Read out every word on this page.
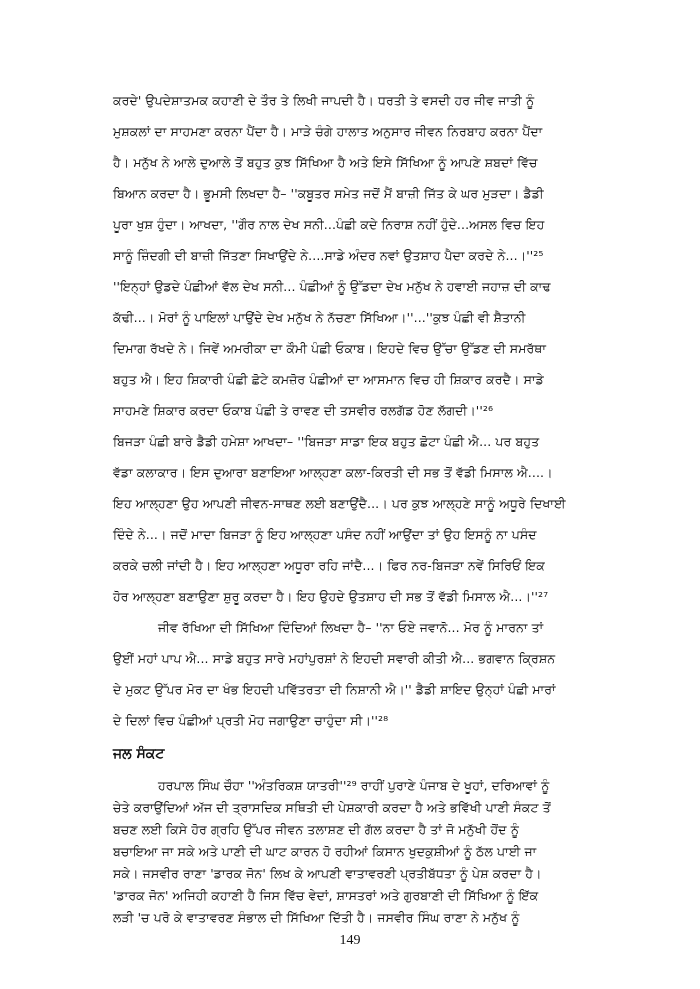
ਕਰਦੇ' ਉਪਦੇਸ਼ਾਤਮਕ ਕਹਾਣੀ ਦੇ ਤੌਰ ਤੇ ਲਿਖੀ ਜਾਪਦੀ ਹੈ। ਧਰਤੀ ਤੇ ਵਸਦੀ ਹਰ ਜੀਵ ਜਾਤੀ ਨੂੰ
ਮੁਸ਼ਕਲਾਂ ਦਾ ਸਾਹਮਣਾ ਕਰਨਾ ਪੈਂਦਾ ਹੈ। ਮਾੜੇ ਚੰਗੇ ਹਾਲਾਤ ਅਨੁਸਾਰ ਜੀਵਨ ਨਿਰਬਾਹ ਕਰਨਾ ਪੈਂਦਾ
ਹੈ। ਮਨੁੱਖ ਨੇ ਆਲੇ ਦੁਆਲੇ ਤੋਂ ਬਹੁਤ ਕੁਝ ਸਿੱਖਿਆ ਹੈ ਅਤੇ ਇਸੇ ਸਿੱਖਿਆ ਨੂੰ ਆਪਣੇ ਸ਼ਬਦਾਂ ਵਿੱਚ
ਬਿਆਨ ਕਰਦਾ ਹੈ। ਭੂਮਸੀ ਲਿਖਦਾ ਹੈ– ''ਕਬੂਤਰ ਸਮੇਤ ਜਦੋਂ ਮੈਂ ਬਾਜ਼ੀ ਜਿੱਤ ਕੇ ਘਰ ਮੁੜਦਾ। ਡੈਡੀ
ਪੂਰਾ ਖੁਸ਼ ਹੁੰਦਾ। ਆਖਦਾ, ''ਗੌਰ ਨਾਲ ਦੇਖ ਸਨੀ...ਪੰਛੀ ਕਦੇ ਨਿਰਾਸ਼ ਨਹੀਂ ਹੁੰਦੇ...ਅਸਲ ਵਿਚ ਇਹ
ਸਾਨੂੰ ਜ਼ਿੰਦਗੀ ਦੀ ਬਾਜ਼ੀ ਜਿੱਤਣਾ ਸਿਖਾਉਂਦੇ ਨੇ....ਸਾਡੇ ਅੰਦਰ ਨਵਾਂ ਉਤਸ਼ਾਹ ਪੈਦਾ ਕਰਦੇ ਨੇ...।''²⁵
''ਇਨ੍ਹਾਂ ਉਡਦੇ ਪੰਛੀਆਂ ਵੱਲ ਦੇਖ ਸਨੀ... ਪੰਛੀਆਂ ਨੂੰ ਉੱਡਦਾ ਦੇਖ ਮਨੁੱਖ ਨੇ ਹਵਾਈ ਜਹਾਜ਼ ਦੀ ਕਾਢ
ਕੱਢੀ...। ਮੋਰਾਂ ਨੂੰ ਪਾਇਲਾਂ ਪਾਉਂਦੇ ਦੇਖ ਮਨੁੱਖ ਨੇ ਨੱਚਣਾ ਸਿੱਖਿਆ।''...''ਕੁਝ ਪੰਛੀ ਵੀ ਸ਼ੈਤਾਨੀ
ਦਿਮਾਗ ਰੱਖਦੇ ਨੇ। ਜਿਵੇਂ ਅਮਰੀਕਾ ਦਾ ਕੌਮੀ ਪੰਛੀ ਓਕਾਬ। ਇਹਦੇ ਵਿਚ ਉੱਚਾ ਉੱਡਣ ਦੀ ਸਮਰੱਥਾ
ਬਹੁਤ ਐ। ਇਹ ਸ਼ਿਕਾਰੀ ਪੰਛੀ ਛੋਟੇ ਕਮਜ਼ੋਰ ਪੰਛੀਆਂ ਦਾ ਆਸਮਾਨ ਵਿਚ ਹੀ ਸ਼ਿਕਾਰ ਕਰਦੈ। ਸਾਡੇ
ਸਾਹਮਣੇ ਸ਼ਿਕਾਰ ਕਰਦਾ ਓਕਾਬ ਪੰਛੀ ਤੇ ਰਾਵਣ ਦੀ ਤਸਵੀਰ ਰਲਗੱਡ ਹੋਣ ਲੱਗਦੀ।''²⁶
ਬਿਜੜਾ ਪੰਛੀ ਬਾਰੇ ਡੈਡੀ ਹਮੇਸ਼ਾ ਆਖਦਾ– ''ਬਿਜੜਾ ਸਾਡਾ ਇਕ ਬਹੁਤ ਛੋਟਾ ਪੰਛੀ ਐ... ਪਰ ਬਹੁਤ
ਵੱਡਾ ਕਲਾਕਾਰ। ਇਸ ਦੁਆਰਾ ਬਣਾਇਆ ਆਲ੍ਹਣਾ ਕਲਾ-ਕਿਰਤੀ ਦੀ ਸਭ ਤੋਂ ਵੱਡੀ ਮਿਸਾਲ ਐ....।
ਇਹ ਆਲ੍ਹਣਾ ਉਹ ਆਪਣੀ ਜੀਵਨ-ਸਾਥਣ ਲਈ ਬਣਾਉਂਦੈ...। ਪਰ ਕੁਝ ਆਲ੍ਹਣੇ ਸਾਨੂੰ ਅਧੂਰੇ ਦਿਖਾਈ
ਦਿੰਦੇ ਨੇ...। ਜਦੋਂ ਮਾਦਾ ਬਿਜੜਾ ਨੂੰ ਇਹ ਆਲ੍ਹਣਾ ਪਸੰਦ ਨਹੀਂ ਆਉਂਦਾ ਤਾਂ ਉਹ ਇਸਨੂੰ ਨਾ ਪਸੰਦ
ਕਰਕੇ ਚਲੀ ਜਾਂਦੀ ਹੈ। ਇਹ ਆਲ੍ਹਣਾ ਅਧੂਰਾ ਰਹਿ ਜਾਂਦੈ...। ਫਿਰ ਨਰ-ਬਿਜੜਾ ਨਵੇਂ ਸਿਰਿਓਂ ਇਕ
ਹੋਰ ਆਲ੍ਹਣਾ ਬਣਾਉਣਾ ਸ਼ੁਰੂ ਕਰਦਾ ਹੈ। ਇਹ ਉਹਦੇ ਉਤਸ਼ਾਹ ਦੀ ਸਭ ਤੋਂ ਵੱਡੀ ਮਿਸਾਲ ਐ...।''²⁷
ਜੀਵ ਰੱਖਿਆ ਦੀ ਸਿੱਖਿਆ ਦਿੰਦਿਆਂ ਲਿਖਦਾ ਹੈ– ''ਨਾ ਓਏ ਜਵਾਨੋ... ਮੋਰ ਨੂੰ ਮਾਰਨਾ ਤਾਂ
ਉਈਂ ਮਹਾਂ ਪਾਪ ਐ... ਸਾਡੇ ਬਹੁਤ ਸਾਰੇ ਮਹਾਂਪੁਰਸ਼ਾਂ ਨੇ ਇਹਦੀ ਸਵਾਰੀ ਕੀਤੀ ਐ... ਭਗਵਾਨ ਕ੍ਰਿਸ਼ਨ
ਦੇ ਮੁਕਟ ਉੱਪਰ ਮੋਰ ਦਾ ਖੰਭ ਇਹਦੀ ਪਵਿੱਤਰਤਾ ਦੀ ਨਿਸ਼ਾਨੀ ਐ।'' ਡੈਡੀ ਸ਼ਾਇਦ ਉਨ੍ਹਾਂ ਪੰਛੀ ਮਾਰਾਂ
ਦੇ ਦਿਲਾਂ ਵਿਚ ਪੰਛੀਆਂ ਪ੍ਰਤੀ ਮੋਹ ਜਗਾਉਣਾ ਚਾਹੁੰਦਾ ਸੀ।''²⁸
ਜਲ ਸੰਕਟ
ਹਰਪਾਲ ਸਿੰਘ ਚੌਹਾ ''ਅੰਤਰਿਕਸ਼ ਯਾਤਰੀ''²⁹ ਰਾਹੀਂ ਪੁਰਾਣੇ ਪੰਜਾਬ ਦੇ ਖੂਹਾਂ, ਦਰਿਆਵਾਂ ਨੂੰ
ਚੇਤੇ ਕਰਾਉਂਦਿਆਂ ਅੱਜ ਦੀ ਤ੍ਰਾਸਦਿਕ ਸਥਿਤੀ ਦੀ ਪੇਸ਼ਕਾਰੀ ਕਰਦਾ ਹੈ ਅਤੇ ਭਵਿੱਖੀ ਪਾਣੀ ਸੰਕਟ ਤੋਂ
ਬਚਣ ਲਈ ਕਿਸੇ ਹੋਰ ਗ੍ਰਹਿ ਉੱਪਰ ਜੀਵਨ ਤਲਾਸ਼ਣ ਦੀ ਗੱਲ ਕਰਦਾ ਹੈ ਤਾਂ ਜੋ ਮਨੁੱਖੀ ਹੋਂਦ ਨੂੰ
ਬਚਾਇਆ ਜਾ ਸਕੇ ਅਤੇ ਪਾਣੀ ਦੀ ਘਾਟ ਕਾਰਨ ਹੋ ਰਹੀਆਂ ਕਿਸਾਨ ਖੁਦਕੁਸ਼ੀਆਂ ਨੂੰ ਠੱਲ ਪਾਈ ਜਾ
ਸਕੇ। ਜਸਵੀਰ ਰਾਣਾ 'ਡਾਰਕ ਜੋਨ' ਲਿਖ ਕੇ ਆਪਣੀ ਵਾਤਾਵਰਣੀ ਪ੍ਰਤੀਬੱਧਤਾ ਨੂੰ ਪੇਸ਼ ਕਰਦਾ ਹੈ।
'ਡਾਰਕ ਜੋਨ' ਅਜਿਹੀ ਕਹਾਣੀ ਹੈ ਜਿਸ ਵਿੱਚ ਵੇਦਾਂ, ਸ਼ਾਸਤਰਾਂ ਅਤੇ ਗੁਰਬਾਣੀ ਦੀ ਸਿੱਖਿਆ ਨੂੰ ਇੱਕ
ਲੜੀ 'ਚ ਪਰੋ ਕੇ ਵਾਤਾਵਰਣ ਸੰਭਾਲ ਦੀ ਸਿੱਖਿਆ ਦਿੱਤੀ ਹੈ। ਜਸਵੀਰ ਸਿੰਘ ਰਾਣਾ ਨੇ ਮਨੁੱਖ ਨੂੰ
149
